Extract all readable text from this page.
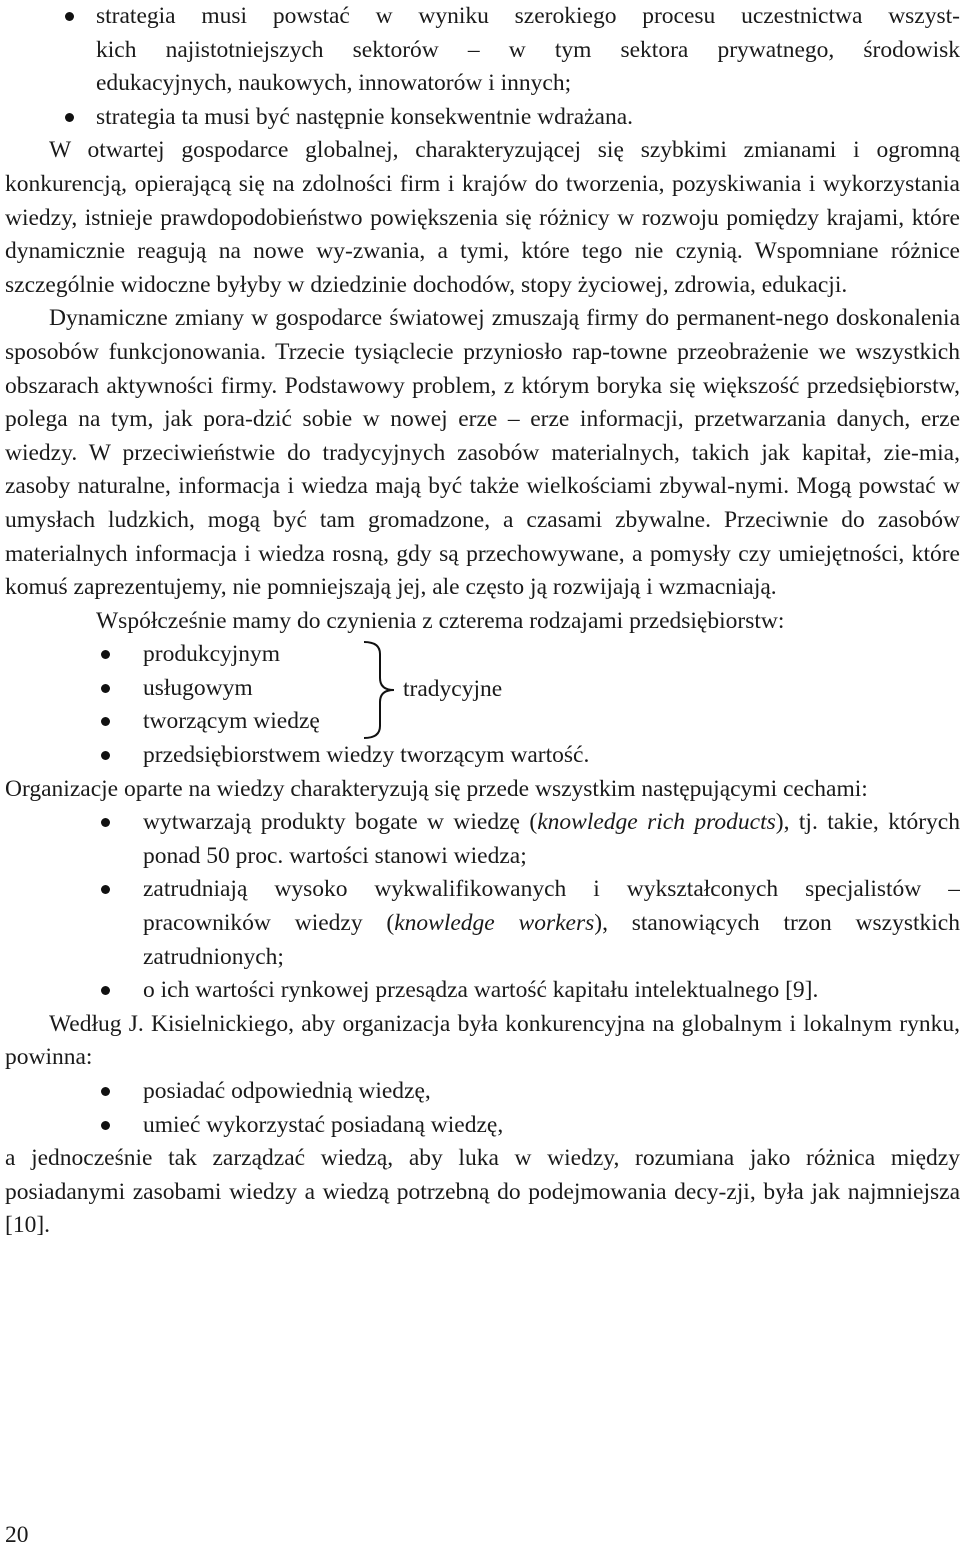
strategia musi powstać w wyniku szerokiego procesu uczestnictwa wszyst-

kich najistotniejszych sektorów – w tym sektora prywatnego, środowisk

edukacyjnych, naukowych, innowatorów i innych;

strategia ta musi być następnie konsekwentnie wdrażana.

W otwartej gospodarce globalnej, charakteryzującej się szybkimi zmianami i ogromną konkurencją, opierającą się na zdolności firm i krajów do tworzenia, pozyskiwania i wykorzystania wiedzy, istnieje prawdopodobieństwo powiększenia się różnicy w rozwoju pomiędzy krajami, które dynamicznie reagują na nowe wy-zwania, a tymi, które tego nie czynią. Wspomniane różnice szczególnie widoczne byłyby w dziedzinie dochodów, stopy życiowej, zdrowia, edukacji.

Dynamiczne zmiany w gospodarce światowej zmuszają firmy do permanent-nego doskonalenia sposobów funkcjonowania. Trzecie tysiąclecie przyniosło rap-towne przeobrażenie we wszystkich obszarach aktywności firmy. Podstawowy problem, z którym boryka się większość przedsiębiorstw, polega na tym, jak pora-dzić sobie w nowej erze – erze informacji, przetwarzania danych, erze wiedzy. W przeciwieństwie do tradycyjnych zasobów materialnych, takich jak kapitał, zie-mia, zasoby naturalne, informacja i wiedza mają być także wielkościami zbywal-nymi. Mogą powstać w umysłach ludzkich, mogą być tam gromadzone, a czasami zbywalne. Przeciwnie do zasobów materialnych informacja i wiedza rosną, gdy są przechowywane, a pomysły czy umiejętności, które komuś zaprezentujemy, nie pomniejszają jej, ale często ją rozwijają i wzmacniają.

Współcześnie mamy do czynienia z czterema rodzajami przedsiębiorstw:

produkcyjnym
usługowym
tworzącym wiedzę
przedsiębiorstwem wiedzy tworzącym wartość.
tradycyjne

Organizacje oparte na wiedzy charakteryzują się przede wszystkim następującymi cechami:

wytwarzają produkty bogate w wiedzę (knowledge rich products), tj. takie, których ponad 50 proc. wartości stanowi wiedza;
zatrudniają wysoko wykwalifikowanych i wykształconych specjalistów – pracowników wiedzy (knowledge workers), stanowiących trzon wszystkich zatrudnionych;
o ich wartości rynkowej przesądza wartość kapitału intelektualnego [9].

Według J. Kisielnickiego, aby organizacja była konkurencyjna na globalnym i lokalnym rynku, powinna:

posiadać odpowiednią wiedzę,
umieć wykorzystać posiadaną wiedzę,

a jednocześnie tak zarządzać wiedzą, aby luka w wiedzy, rozumiana jako różnica między posiadanymi zasobami wiedzy a wiedzą potrzebną do podejmowania decy-zji, była jak najmniejsza [10].

20
